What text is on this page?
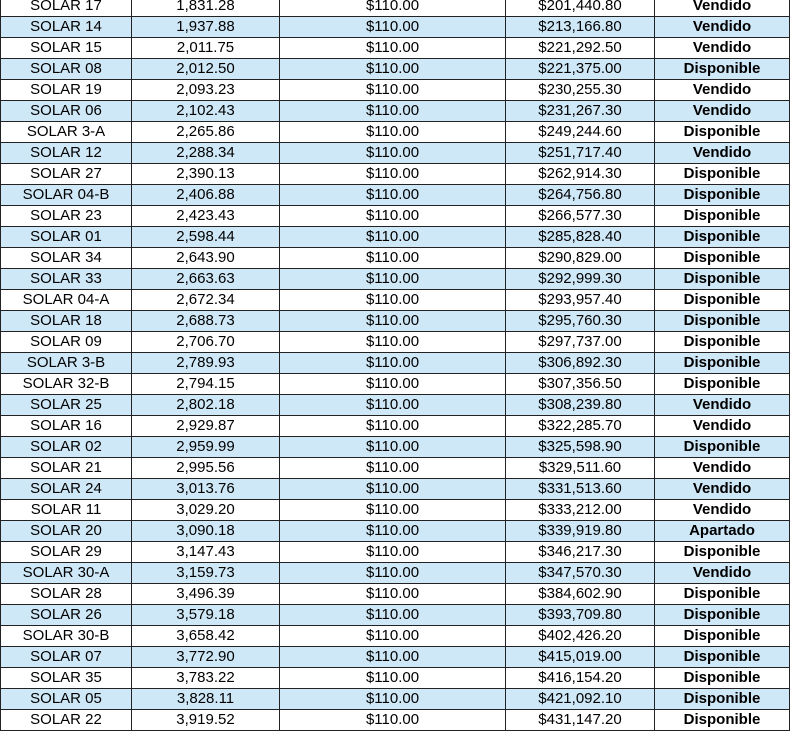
SOLAR 17	1,831.28	$110.00	$201,440.80	Vendido
SOLAR 14	1,937.88	$110.00	$213,166.80	Vendido
SOLAR 15	2,011.75	$110.00	$221,292.50	Vendido
SOLAR 08	2,012.50	$110.00	$221,375.00	Disponible
SOLAR 19	2,093.23	$110.00	$230,255.30	Vendido
SOLAR 06	2,102.43	$110.00	$231,267.30	Vendido
SOLAR 3-A	2,265.86	$110.00	$249,244.60	Disponible
SOLAR 12	2,288.34	$110.00	$251,717.40	Vendido
SOLAR 27	2,390.13	$110.00	$262,914.30	Disponible
SOLAR 04-B	2,406.88	$110.00	$264,756.80	Disponible
SOLAR 23	2,423.43	$110.00	$266,577.30	Disponible
SOLAR 01	2,598.44	$110.00	$285,828.40	Disponible
SOLAR 34	2,643.90	$110.00	$290,829.00	Disponible
SOLAR 33	2,663.63	$110.00	$292,999.30	Disponible
SOLAR 04-A	2,672.34	$110.00	$293,957.40	Disponible
SOLAR 18	2,688.73	$110.00	$295,760.30	Disponible
SOLAR 09	2,706.70	$110.00	$297,737.00	Disponible
SOLAR 3-B	2,789.93	$110.00	$306,892.30	Disponible
SOLAR 32-B	2,794.15	$110.00	$307,356.50	Disponible
SOLAR 25	2,802.18	$110.00	$308,239.80	Vendido
SOLAR 16	2,929.87	$110.00	$322,285.70	Vendido
SOLAR 02	2,959.99	$110.00	$325,598.90	Disponible
SOLAR 21	2,995.56	$110.00	$329,511.60	Vendido
SOLAR 24	3,013.76	$110.00	$331,513.60	Vendido
SOLAR 11	3,029.20	$110.00	$333,212.00	Vendido
SOLAR 20	3,090.18	$110.00	$339,919.80	Apartado
SOLAR 29	3,147.43	$110.00	$346,217.30	Disponible
SOLAR 30-A	3,159.73	$110.00	$347,570.30	Vendido
SOLAR 28	3,496.39	$110.00	$384,602.90	Disponible
SOLAR 26	3,579.18	$110.00	$393,709.80	Disponible
SOLAR 30-B	3,658.42	$110.00	$402,426.20	Disponible
SOLAR 07	3,772.90	$110.00	$415,019.00	Disponible
SOLAR 35	3,783.22	$110.00	$416,154.20	Disponible
SOLAR 05	3,828.11	$110.00	$421,092.10	Disponible
SOLAR 22	3,919.52	$110.00	$431,147.20	Disponible
